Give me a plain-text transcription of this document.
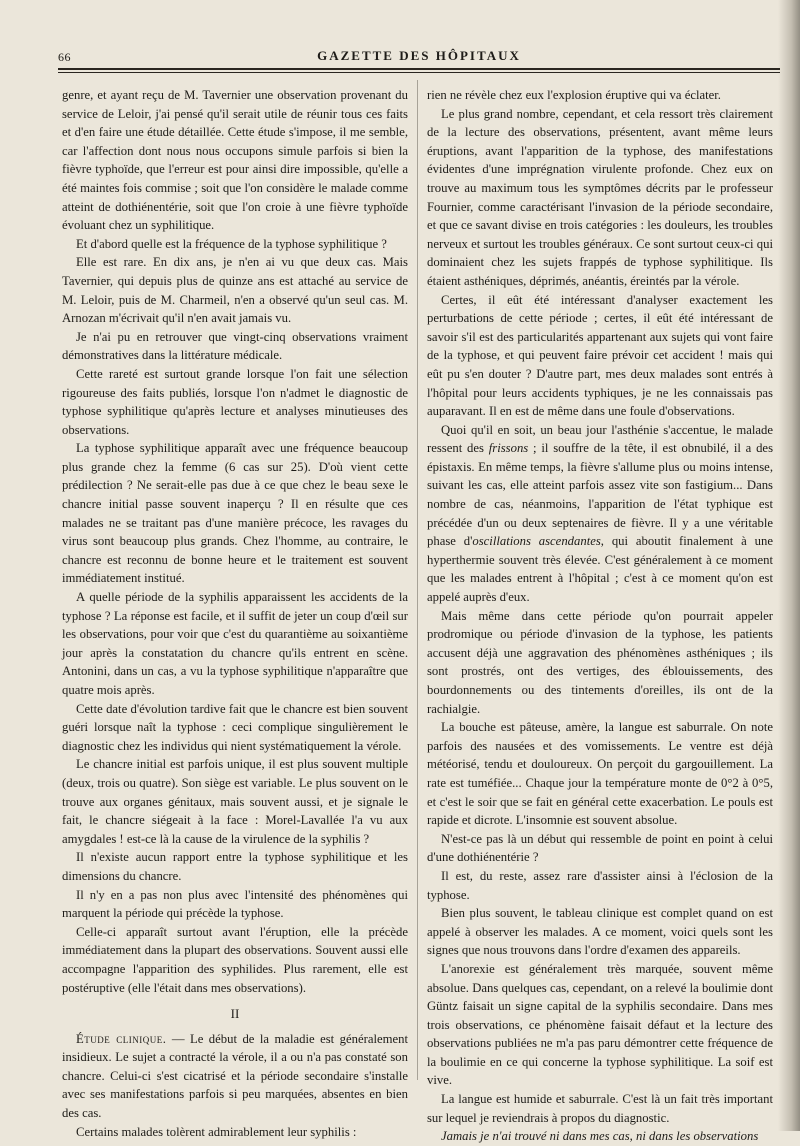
66	GAZETTE DES HÔPITAUX

genre, et ayant reçu de M. Tavernier une observation provenant du service de Leloir, j'ai pensé qu'il serait utile de réunir tous ces faits et d'en faire une étude détaillée. Cette étude s'impose, il me semble, car l'affection dont nous nous occupons simule parfois si bien la fièvre typhoïde, que l'erreur est pour ainsi dire impossible, qu'elle a été maintes fois commise ; soit que l'on considère le malade comme atteint de dothiénentérie, soit que l'on croie à une fièvre typhoïde évoluant chez un syphilitique.

Et d'abord quelle est la fréquence de la typhose syphilitique ?

Elle est rare. En dix ans, je n'en ai vu que deux cas. Mais Tavernier, qui depuis plus de quinze ans est attaché au service de M. Leloir, puis de M. Charmeil, n'en a observé qu'un seul cas. M. Arnozan m'écrivait qu'il n'en avait jamais vu.

Je n'ai pu en retrouver que vingt-cinq observations vraiment démonstratives dans la littérature médicale.

Cette rareté est surtout grande lorsque l'on fait une sélection rigoureuse des faits publiés, lorsque l'on n'admet le diagnostic de typhose syphilitique qu'après lecture et analyses minutieuses des observations.

La typhose syphilitique apparaît avec une fréquence beaucoup plus grande chez la femme (6 cas sur 25). D'où vient cette prédilection ? Ne serait-elle pas due à ce que chez le beau sexe le chancre initial passe souvent inaperçu ? Il en résulte que ces malades ne se traitant pas d'une manière précoce, les ravages du virus sont beaucoup plus grands. Chez l'homme, au contraire, le chancre est reconnu de bonne heure et le traitement est souvent immédiatement institué.

A quelle période de la syphilis apparaissent les accidents de la typhose ? La réponse est facile, et il suffit de jeter un coup d'œil sur les observations, pour voir que c'est du quarantième au soixantième jour après la constatation du chancre qu'ils entrent en scène. Antonini, dans un cas, a vu la typhose syphilitique n'apparaître que quatre mois après.

Cette date d'évolution tardive fait que le chancre est bien souvent guéri lorsque naît la typhose : ceci complique singulièrement le diagnostic chez les individus qui nient systématiquement la vérole.

Le chancre initial est parfois unique, il est plus souvent multiple (deux, trois ou quatre). Son siège est variable. Le plus souvent on le trouve aux organes génitaux, mais souvent aussi, et je signale le fait, le chancre siégeait à la face : Morel-Lavallée l'a vu aux amygdales ! est-ce là la cause de la virulence de la syphilis ?

Il n'existe aucun rapport entre la typhose syphilitique et les dimensions du chancre.

Il n'y en a pas non plus avec l'intensité des phénomènes qui marquent la période qui précède la typhose.

Celle-ci apparaît surtout avant l'éruption, elle la précède immédiatement dans la plupart des observations. Souvent aussi elle accompagne l'apparition des syphilides. Plus rarement, elle est postéruptive (elle l'était dans mes observations).

II

Étude clinique. — Le début de la maladie est généralement insidieux. Le sujet a contracté la vérole, il a ou n'a pas constaté son chancre. Celui-ci s'est cicatrisé et la période secondaire s'installe avec ses manifestations parfois si peu marquées, absentes en bien des cas.

Certains malades tolèrent admirablement leur syphilis :

rien ne révèle chez eux l'explosion éruptive qui va éclater.

Le plus grand nombre, cependant, et cela ressort très clairement de la lecture des observations, présentent, avant même leurs éruptions, avant l'apparition de la typhose, des manifestations évidentes d'une imprégnation virulente profonde. Chez eux on trouve au maximum tous les symptômes décrits par le professeur Fournier, comme caractérisant l'invasion de la période secondaire, et que ce savant divise en trois catégories : les douleurs, les troubles nerveux et surtout les troubles généraux. Ce sont surtout ceux-ci qui dominaient chez les sujets frappés de typhose syphilitique. Ils étaient asthéniques, déprimés, anéantis, éreintés par la vérole.

Certes, il eût été intéressant d'analyser exactement les perturbations de cette période ; certes, il eût été intéressant de savoir s'il est des particularités appartenant aux sujets qui vont faire de la typhose, et qui peuvent faire prévoir cet accident ! mais qui eût pu s'en douter ? D'autre part, mes deux malades sont entrés à l'hôpital pour leurs accidents typhiques, je ne les connaissais pas auparavant. Il en est de même dans une foule d'observations.

Quoi qu'il en soit, un beau jour l'asthénie s'accentue, le malade ressent des frissons ; il souffre de la tête, il est obnubilé, il a des épistaxis. En même temps, la fièvre s'allume plus ou moins intense, suivant les cas, elle atteint parfois assez vite son fastigium... Dans nombre de cas, néanmoins, l'apparition de l'état typhique est précédée d'un ou deux septenaires de fièvre. Il y a une véritable phase d'oscillations ascendantes, qui aboutit finalement à une hyperthermie souvent très élevée. C'est généralement à ce moment que les malades entrent à l'hôpital ; c'est à ce moment qu'on est appelé auprès d'eux.

Mais même dans cette période qu'on pourrait appeler prodromique ou période d'invasion de la typhose, les patients accusent déjà une aggravation des phénomènes asthéniques ; ils sont prostrés, ont des vertiges, des éblouissements, des bourdonnements ou des tintements d'oreilles, ils ont de la rachialgie.

La bouche est pâteuse, amère, la langue est saburrale. On note parfois des nausées et des vomissements. Le ventre est déjà météorisé, tendu et douloureux. On perçoit du gargouillement. La rate est tuméfiée... Chaque jour la température monte de 0°2 à 0°5, et c'est le soir que se fait en général cette exacerbation. Le pouls est rapide et dicrote. L'insomnie est souvent absolue.

N'est-ce pas là un début qui ressemble de point en point à celui d'une dothiénentérie ?

Il est, du reste, assez rare d'assister ainsi à l'éclosion de la typhose.

Bien plus souvent, le tableau clinique est complet quand on est appelé à observer les malades. A ce moment, voici quels sont les signes que nous trouvons dans l'ordre d'examen des appareils.

L'anorexie est généralement très marquée, souvent même absolue. Dans quelques cas, cependant, on a relevé la boulimie dont Güntz faisait un signe capital de la syphilis secondaire. Dans mes trois observations, ce phénomène faisait défaut et la lecture des observations publiées ne m'a pas paru démontrer cette fréquence de la boulimie en ce qui concerne la typhose syphilitique. La soif est vive.

La langue est humide et saburrale. C'est là un fait très important sur lequel je reviendrais à propos du diagnostic.

Jamais je n'ai trouvé ni dans mes cas, ni dans les observations
